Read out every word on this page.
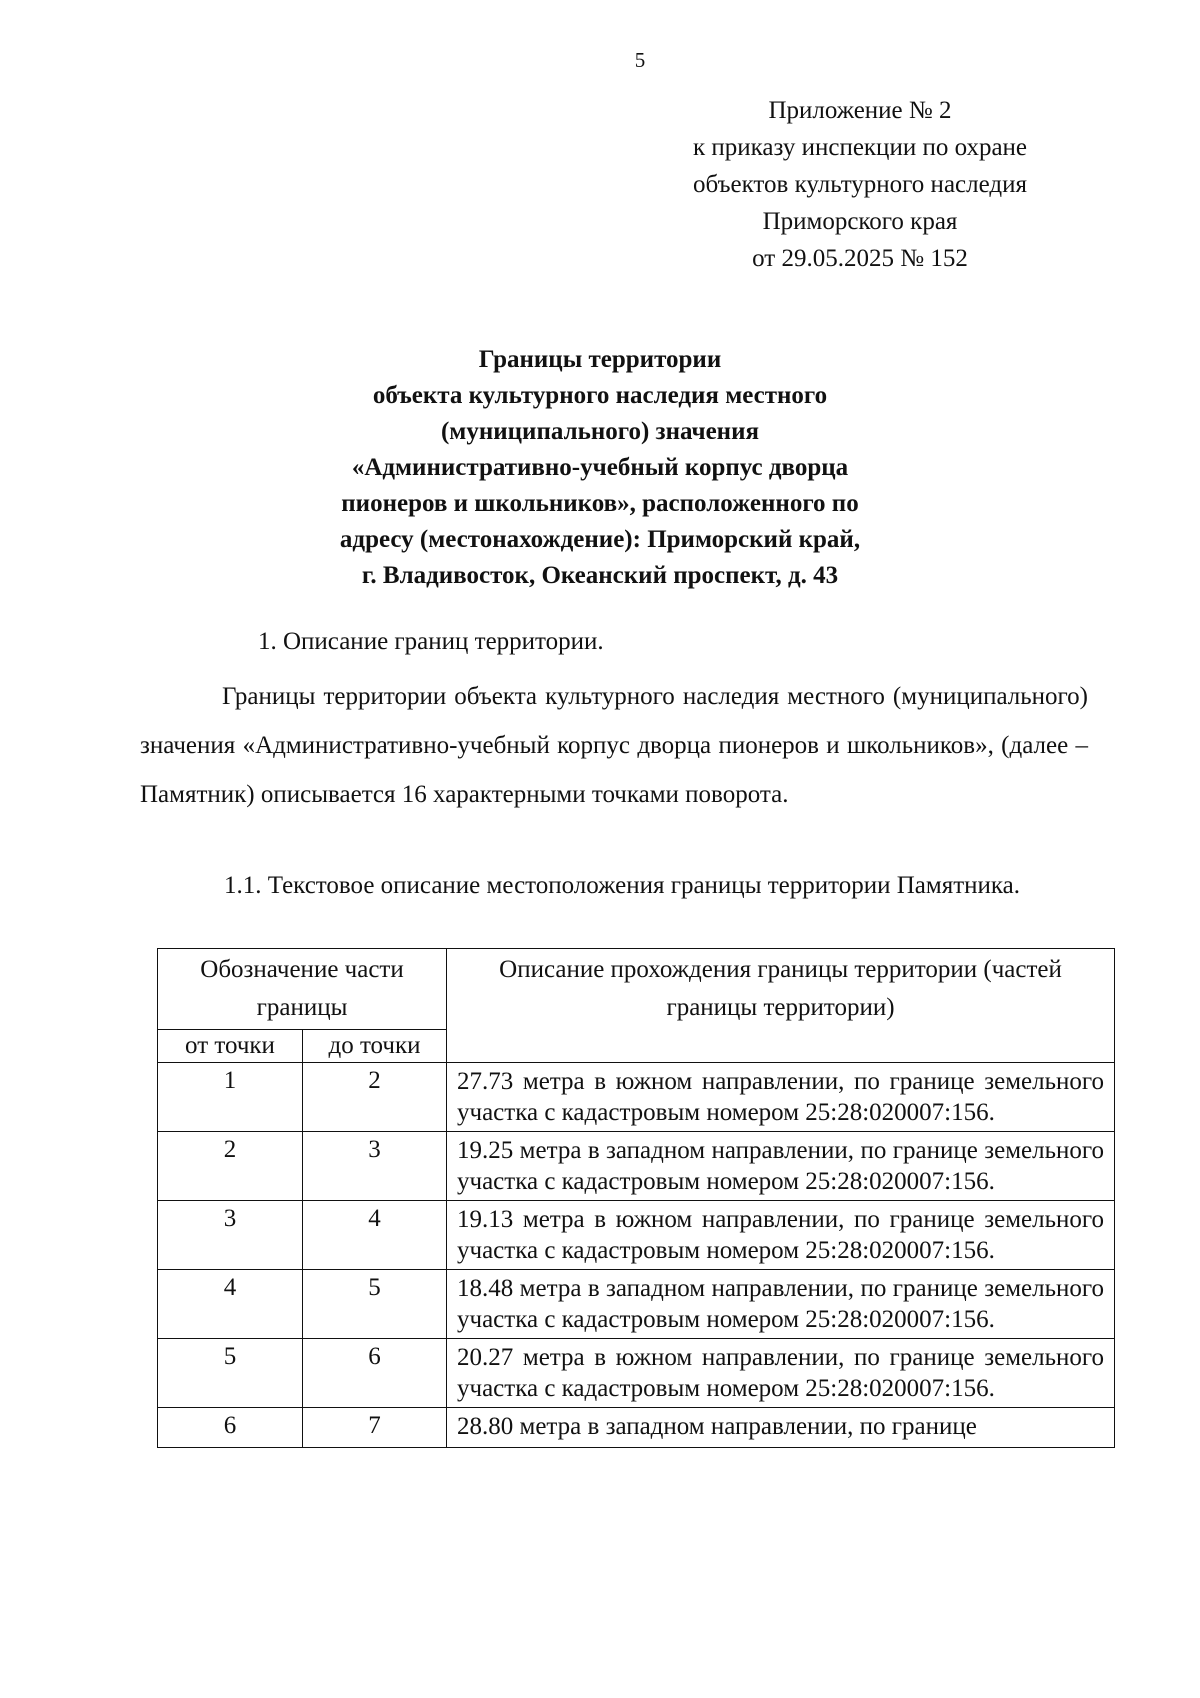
5
Приложение № 2
к приказу инспекции по охране
объектов культурного наследия
Приморского края
от 29.05.2025 № 152
Границы территории
объекта культурного наследия местного
(муниципального) значения
«Административно-учебный корпус дворца
пионеров и школьников», расположенного по
адресу (местонахождение): Приморский край,
г. Владивосток, Океанский проспект, д. 43
1. Описание границ территории.
Границы территории объекта культурного наследия местного (муниципального) значения «Административно-учебный корпус дворца пионеров и школьников», (далее – Памятник) описывается 16 характерными точками поворота.
1.1. Текстовое описание местоположения границы территории Памятника.
Обозначение части границы		Описание прохождения границы территории (частей границы территории)
от точки	до точки	
1	2	27.73 метра в южном направлении, по границе земельного участка с кадастровым номером 25:28:020007:156.
2	3	19.25 метра в западном направлении, по границе земельного участка с кадастровым номером 25:28:020007:156.
3	4	19.13 метра в южном направлении, по границе земельного участка с кадастровым номером 25:28:020007:156.
4	5	18.48 метра в западном направлении, по границе земельного участка с кадастровым номером 25:28:020007:156.
5	6	20.27 метра в южном направлении, по границе земельного участка с кадастровым номером 25:28:020007:156.
6	7	28.80 метра в западном направлении, по границе
